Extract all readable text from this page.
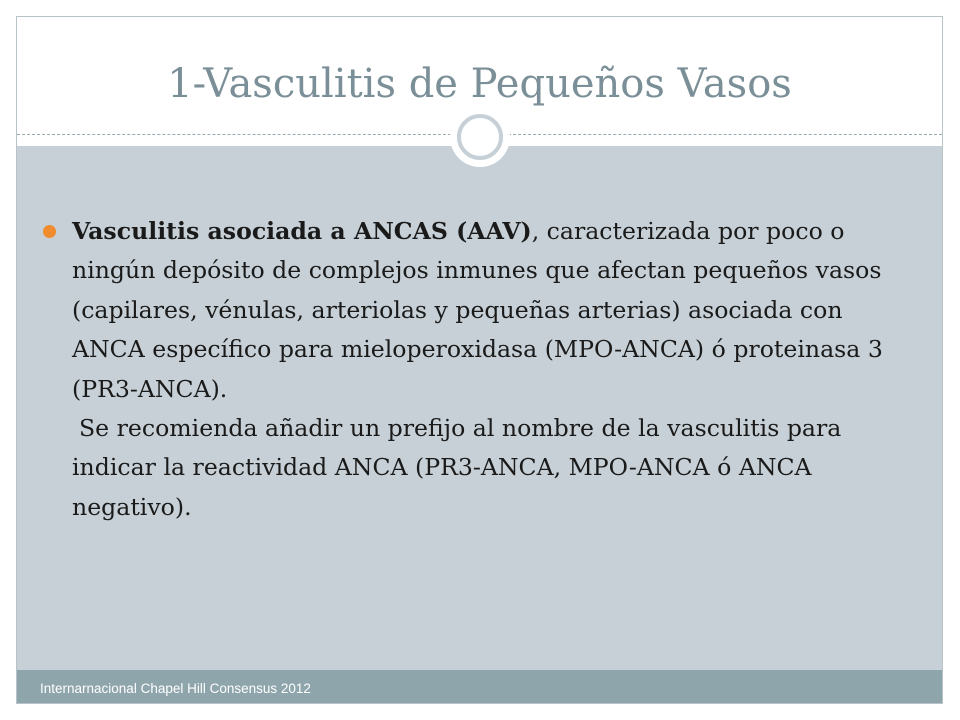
1-Vasculitis de Pequeños Vasos
Internarnacional Chapel Hill Consensus 2012

Vasculitis asociada a ANCAS (AAV), caracterizada por poco o ningún depósito de complejos inmunes que afectan pequeños vasos (capilares, vénulas, arteriolas y pequeñas arterias) asociada con ANCA específico para mieloperoxidasa (MPO-ANCA) ó proteinasa 3 (PR3-ANCA).

Se recomienda añadir un prefijo al nombre de la vasculitis para indicar la reactividad ANCA (PR3-ANCA, MPO-ANCA ó ANCA negativo).
